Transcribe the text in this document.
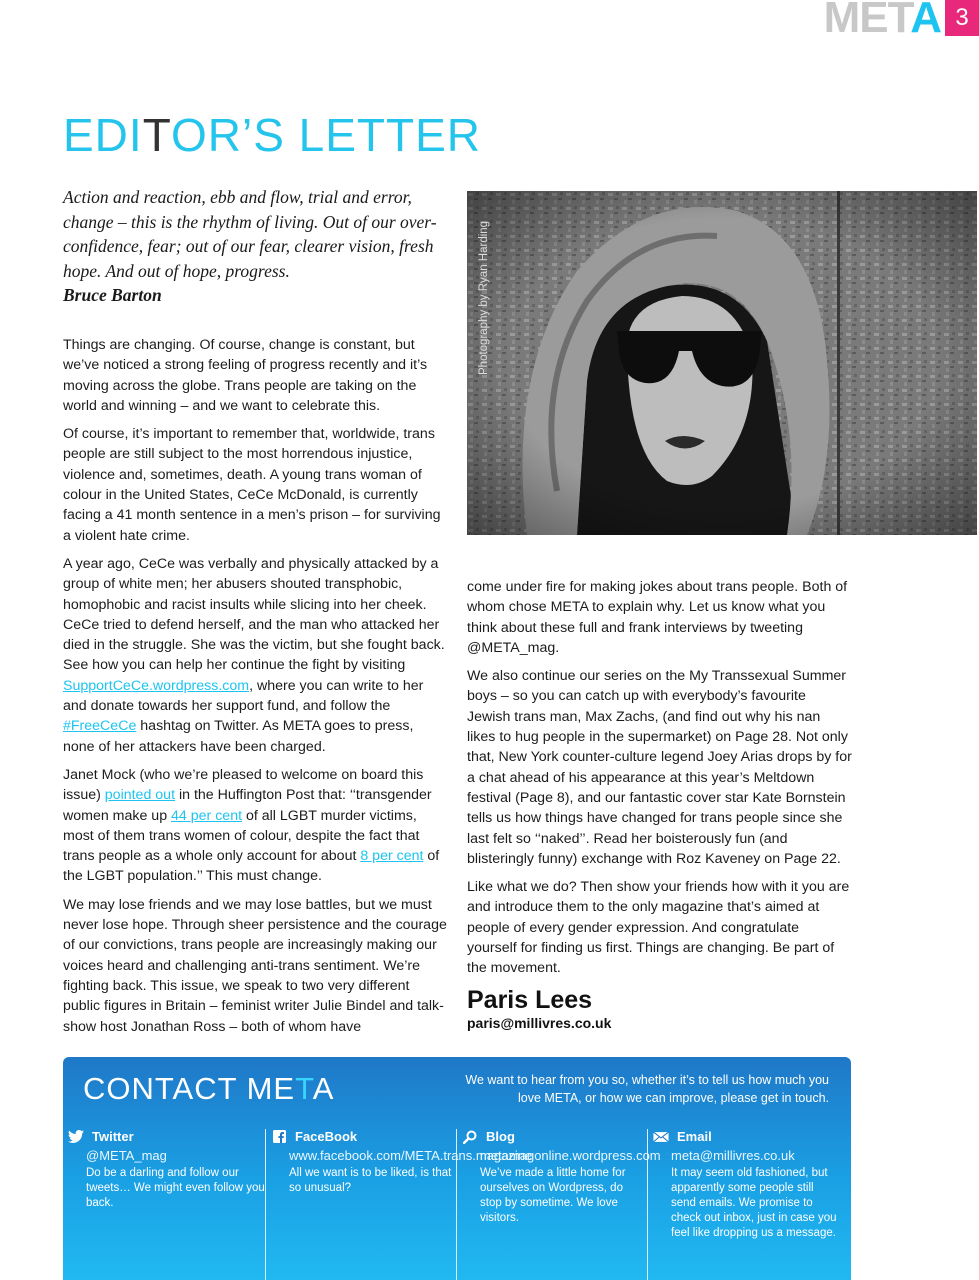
META 3
EDITOR’S LETTER
Action and reaction, ebb and flow, trial and error, change – this is the rhythm of living. Out of our over-confidence, fear; out of our fear, clearer vision, fresh hope. And out of hope, progress.
Bruce Barton	Photography by Ryan Harding

Things are changing. Of course, change is constant, but we’ve noticed a strong feeling of progress recently and it’s moving across the globe. Trans people are taking on the world and winning – and we want to celebrate this.

Of course, it’s important to remember that, worldwide, trans people are still subject to the most horrendous injustice, violence and, sometimes, death. A young trans woman of colour in the United States, CeCe McDonald, is currently facing a 41 month sentence in a men’s prison – for surviving a violent hate crime.

A year ago, CeCe was verbally and physically attacked by a group of white men; her abusers shouted transphobic, homophobic and racist insults while slicing into her cheek. CeCe tried to defend herself, and the man who attacked her died in the struggle. She was the victim, but she fought back. See how you can help her continue the fight by visiting SupportCeCe.wordpress.com, where you can write to her and donate towards her support fund, and follow the #FreeCeCe hashtag on Twitter. As META goes to press, none of her attackers have been charged.

Janet Mock (who we’re pleased to welcome on board this issue) pointed out in the Huffington Post that: ‘‘transgender women make up 44 per cent of all LGBT murder victims, most of them trans women of colour, despite the fact that trans people as a whole only account for about 8 per cent of the LGBT population.’’ This must change.

We may lose friends and we may lose battles, but we must never lose hope. Through sheer persistence and the courage of our convictions, trans people are increasingly making our voices heard and challenging anti-trans sentiment. We’re fighting back. This issue, we speak to two very different public figures in Britain – feminist writer Julie Bindel and talk-show host Jonathan Ross – both of whom have

come under fire for making jokes about trans people. Both of whom chose META to explain why. Let us know what you think about these full and frank interviews by tweeting @META_mag.

We also continue our series on the My Transsexual Summer boys – so you can catch up with everybody’s favourite Jewish trans man, Max Zachs, (and find out why his nan likes to hug people in the supermarket) on Page 28. Not only that, New York counter-culture legend Joey Arias drops by for a chat ahead of his appearance at this year’s Meltdown festival (Page 8), and our fantastic cover star Kate Bornstein tells us how things have changed for trans people since she last felt so ‘‘naked’’. Read her boisterously fun (and blisteringly funny) exchange with Roz Kaveney on Page 22.

Like what we do? Then show your friends how with it you are and introduce them to the only magazine that’s aimed at people of every gender expression. And congratulate yourself for finding us first. Things are changing. Be part of the movement.

Paris Lees
paris@millivres.co.uk
CONTACT META	We want to hear from you so, whether it’s to tell us how much you love META, or how we can improve, please get in touch.
Twitter
@META_mag
Do be a darling and follow our tweets… We might even follow you back.
FaceBook
www.facebook.com/META.trans.magazine
All we want is to be liked, is that so unusual?
Blog
metamagonline.wordpress.com
We’ve made a little home for ourselves on Wordpress, do stop by sometime. We love visitors.
Email
meta@millivres.co.uk
It may seem old fashioned, but apparently some people still send emails. We promise to check out inbox, just in case you feel like dropping us a message.
